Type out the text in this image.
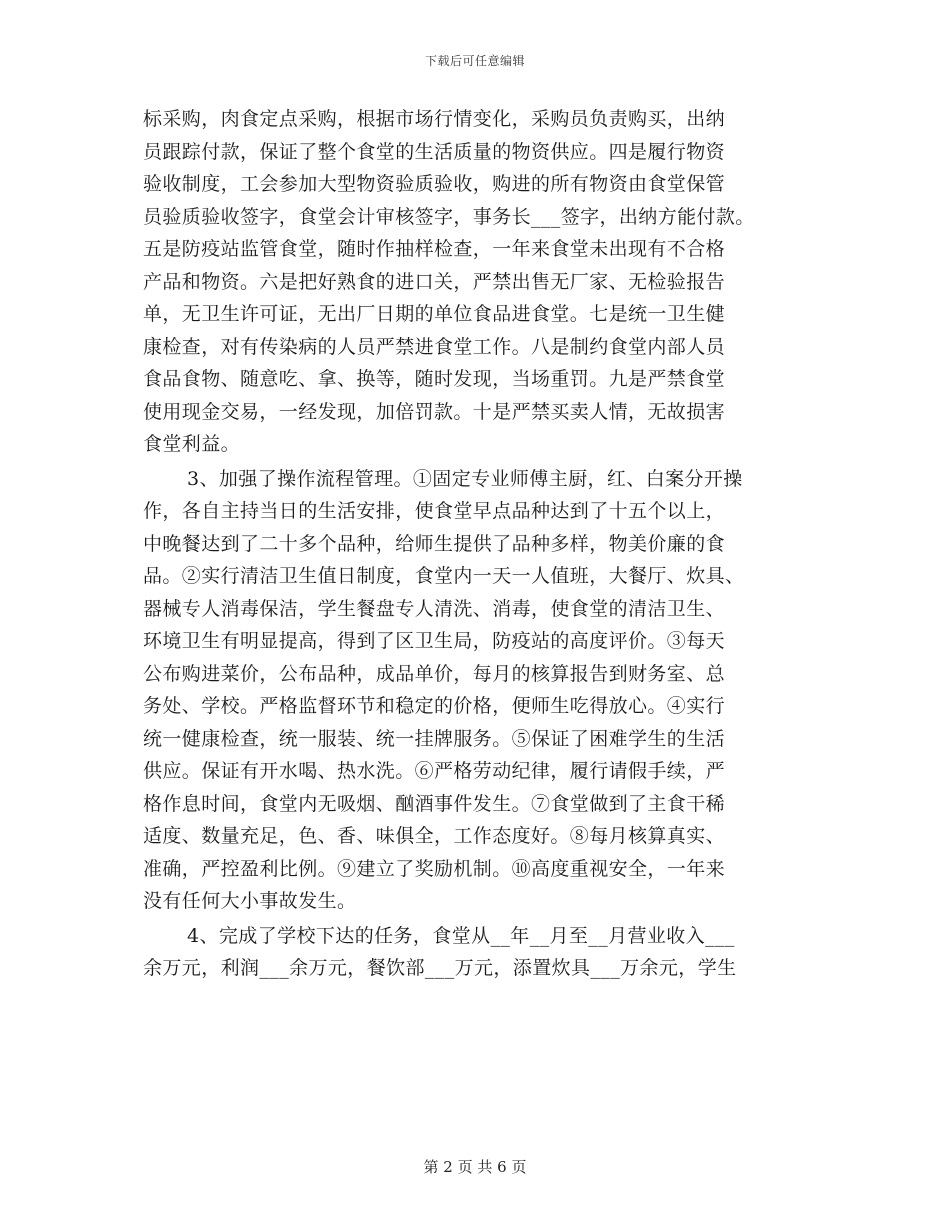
下载后可任意编辑
标采购，肉食定点采购，根据市场行情变化，采购员负责购买，出纳
员跟踪付款，保证了整个食堂的生活质量的物资供应。四是履行物资
验收制度，工会参加大型物资验质验收，购进的所有物资由食堂保管
员验质验收签字，食堂会计审核签字，事务长___签字，出纳方能付款。
五是防疫站监管食堂，随时作抽样检查，一年来食堂未出现有不合格
产品和物资。六是把好熟食的进口关，严禁出售无厂家、无检验报告
单，无卫生许可证，无出厂日期的单位食品进食堂。七是统一卫生健
康检查，对有传染病的人员严禁进食堂工作。八是制约食堂内部人员
食品食物、随意吃、拿、换等，随时发现，当场重罚。九是严禁食堂
使用现金交易，一经发现，加倍罚款。十是严禁买卖人情，无故损害
食堂利益。
3、加强了操作流程管理。①固定专业师傅主厨，红、白案分开操
作，各自主持当日的生活安排，使食堂早点品种达到了十五个以上，
中晚餐达到了二十多个品种，给师生提供了品种多样，物美价廉的食
品。②实行清洁卫生值日制度，食堂内一天一人值班，大餐厅、炊具、
器械专人消毒保洁，学生餐盘专人清洗、消毒，使食堂的清洁卫生、
环境卫生有明显提高，得到了区卫生局，防疫站的高度评价。③每天
公布购进菜价，公布品种，成品单价，每月的核算报告到财务室、总
务处、学校。严格监督环节和稳定的价格，便师生吃得放心。④实行
统一健康检查，统一服装、统一挂牌服务。⑤保证了困难学生的生活
供应。保证有开水喝、热水洗。⑥严格劳动纪律，履行请假手续，严
格作息时间，食堂内无吸烟、酗酒事件发生。⑦食堂做到了主食干稀
适度、数量充足，色、香、味俱全，工作态度好。⑧每月核算真实、
准确，严控盈利比例。⑨建立了奖励机制。⑩高度重视安全，一年来
没有任何大小事故发生。
4、完成了学校下达的任务，食堂从__年__月至__月营业收入___
余万元，利润___余万元，餐饮部___万元，添置炊具___万余元，学生
第 2 页 共 6 页
